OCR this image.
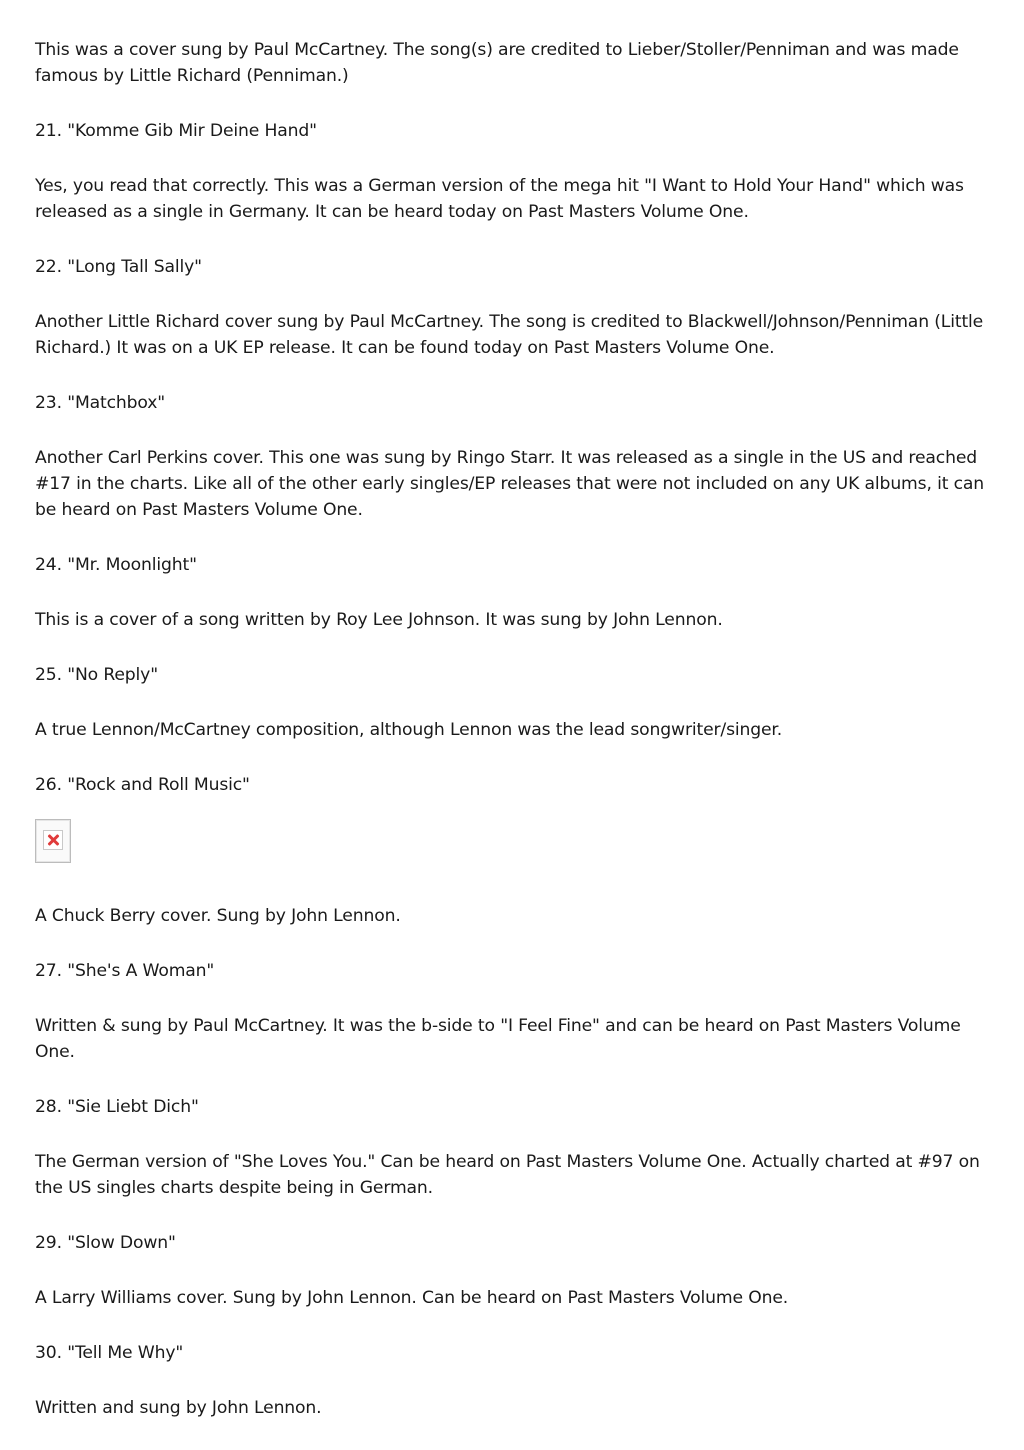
This was a cover sung by Paul McCartney. The song(s) are credited to Lieber/Stoller/Penniman and was made famous by Little Richard (Penniman.)

21. "Komme Gib Mir Deine Hand"

Yes, you read that correctly. This was a German version of the mega hit "I Want to Hold Your Hand" which was released as a single in Germany. It can be heard today on Past Masters Volume One.

22. "Long Tall Sally"

Another Little Richard cover sung by Paul McCartney. The song is credited to Blackwell/Johnson/Penniman (Little Richard.) It was on a UK EP release. It can be found today on Past Masters Volume One.

23. "Matchbox"

Another Carl Perkins cover. This one was sung by Ringo Starr. It was released as a single in the US and reached #17 in the charts. Like all of the other early singles/EP releases that were not included on any UK albums, it can be heard on Past Masters Volume One.

24. "Mr. Moonlight"

This is a cover of a song written by Roy Lee Johnson. It was sung by John Lennon.

25. "No Reply"

A true Lennon/McCartney composition, although Lennon was the lead songwriter/singer.

26. "Rock and Roll Music"

A Chuck Berry cover. Sung by John Lennon.

27. "She's A Woman"

Written & sung by Paul McCartney. It was the b-side to "I Feel Fine" and can be heard on Past Masters Volume One.

28. "Sie Liebt Dich"

The German version of "She Loves You." Can be heard on Past Masters Volume One. Actually charted at #97 on the US singles charts despite being in German.

29. "Slow Down"

A Larry Williams cover. Sung by John Lennon. Can be heard on Past Masters Volume One.

30. "Tell Me Why"

Written and sung by John Lennon.
